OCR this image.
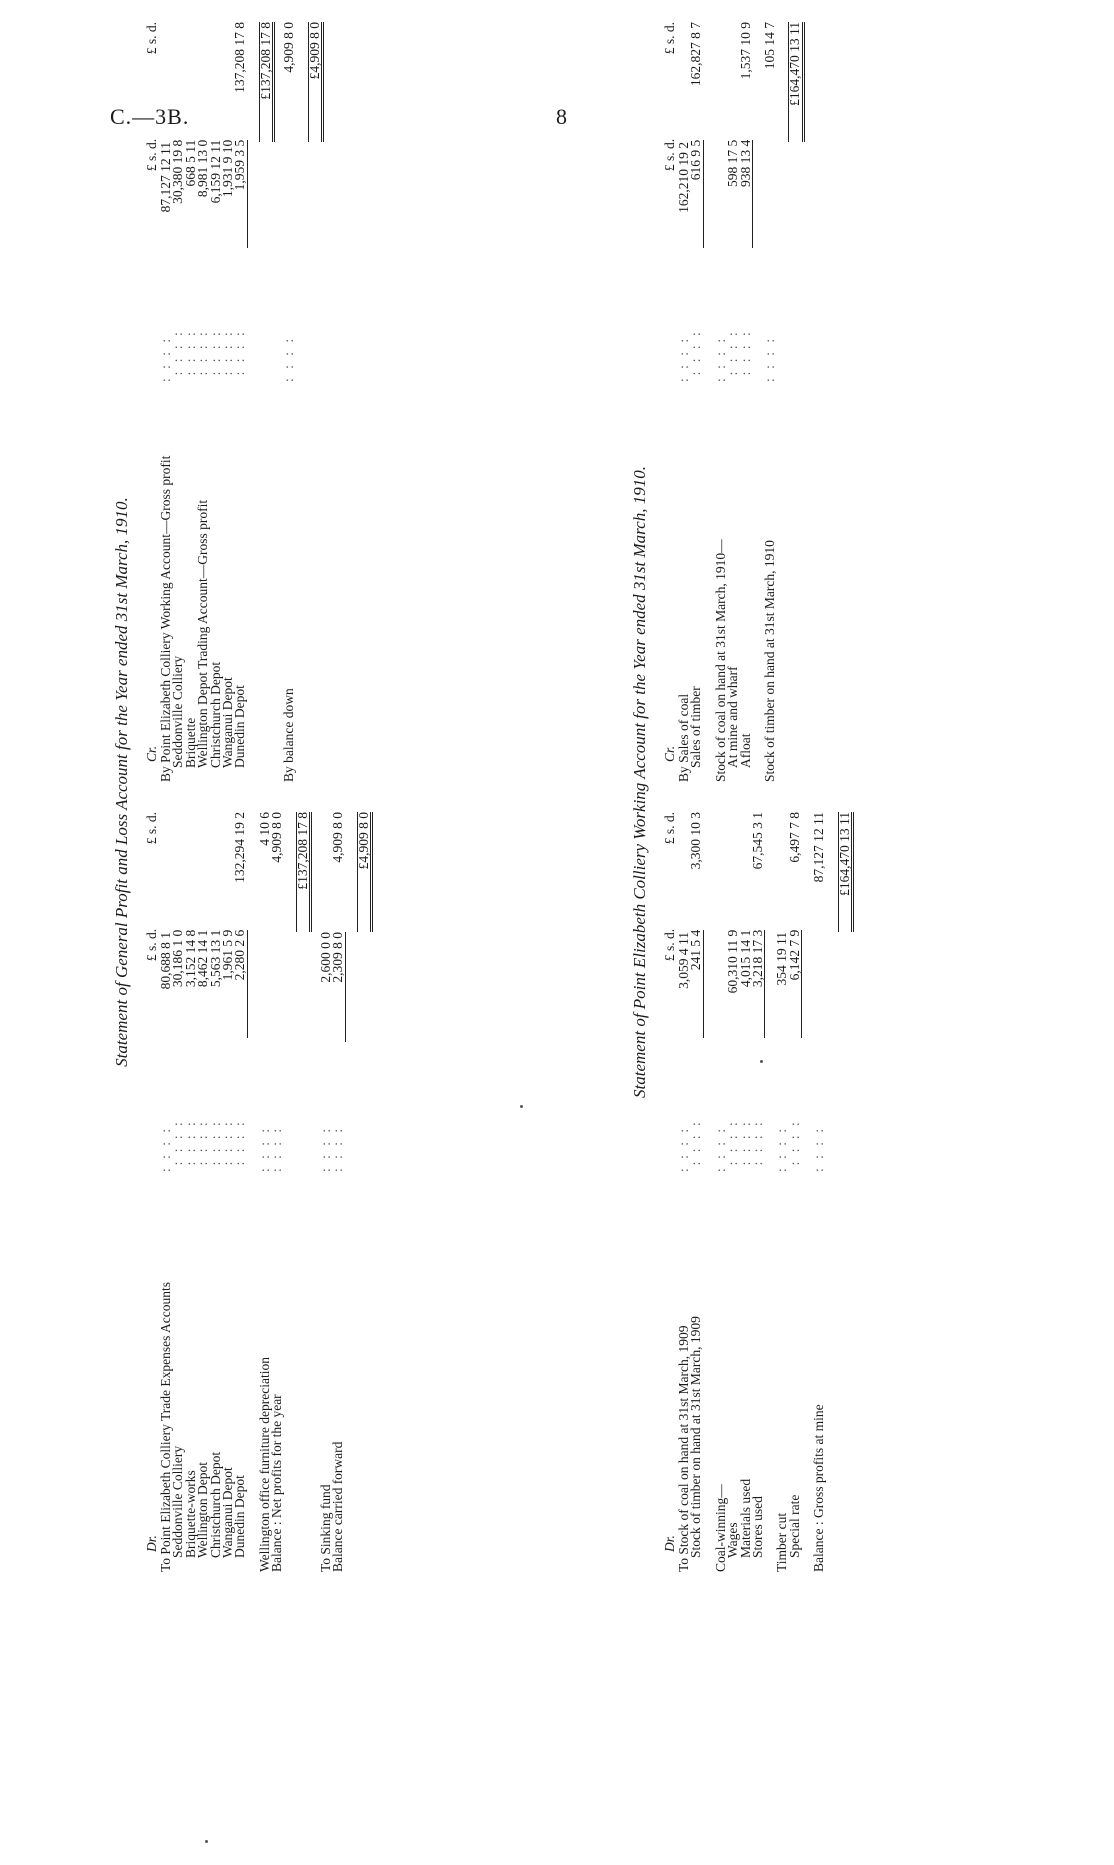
C.—3B.	8
Statement of General Profit and Loss Account for the Year ended 31st March, 1910.
Dr.
£ s. d.
£ s. d.
To Point Elizabeth Colliery Trade Expenses Accounts
: : : :
80,688 8 1
Seddonville Colliery
: : : :
30,186 1 0
Briquette-works
: : : :
3,152 14 8
Wellington Depot
: : : :
8,462 14 1
Christchurch Depot
: : : :
5,563 13 1
Wanganui Depot
: : : :
1,961 5 9
Dunedin Depot
: : : :
2,280 2 6
132,294 19 2
Wellington office furniture depreciation
: : : :
4 10 6
Balance : Net profits for the year
: : : :
4,909 8 0 £137,208 17 8
To Sinking fund
: : : :
2,600 0 0
Balance carried forward
: : : :
2,309 8 0
4,909 8 0 £4,909 8 0
Cr.
£ s. d.
£ s. d.
By Point Elizabeth Colliery Working Account—Gross profit
: : : :
87,127 12 11
Seddonville Colliery
: : : :
30,380 19 8
Briquette
: : : :
668 5 11
Wellington Depot Trading Account—Gross profit
: : : :
8,981 13 0
Christchurch Depot
: : : :
6,159 12 11
Wanganui Depot
: : : :
1,931 9 10
Dunedin Depot
: : : :
1,959 3 5
137,208 17 8 £137,208 17 8
By balance down
: : : :
4,909 8 0 £4,909 8 0
Statement of Point Elizabeth Colliery Working Account for the Year ended 31st March, 1910.
Dr.
£ s. d.
£ s. d.
To Stock of coal on hand at 31st March, 1909
: : : :
3,059 4 11
Stock of timber on hand at 31st March, 1909
: : : :
241 5 4
3,300 10 3
Coal-winning—
: : : :
Wages
: : : :
60,310 11 9
Materials used
: : : :
4,015 14 1
Stores used
: : : :
3,218 17 3
67,545 3 1
Timber cut
: : : :
354 19 11
Special rate
: : : :
6,142 7 9
6,497 7 8
Balance : Gross profits at mine
: : : :
87,127 12 11 £164,470 13 11
Cr.
£ s. d.
£ s. d.
By Sales of coal
: : : :
162,210 19 2
Sales of timber
: : : :
616 9 5
162,827 8 7
Stock of coal on hand at 31st March, 1910—
: : : :
At mine and wharf
: : : :
598 17 5
Afloat
: : : :
938 13 4
1,537 10 9
Stock of timber on hand at 31st March, 1910
: : : :
105 14 7 £164,470 13 11
